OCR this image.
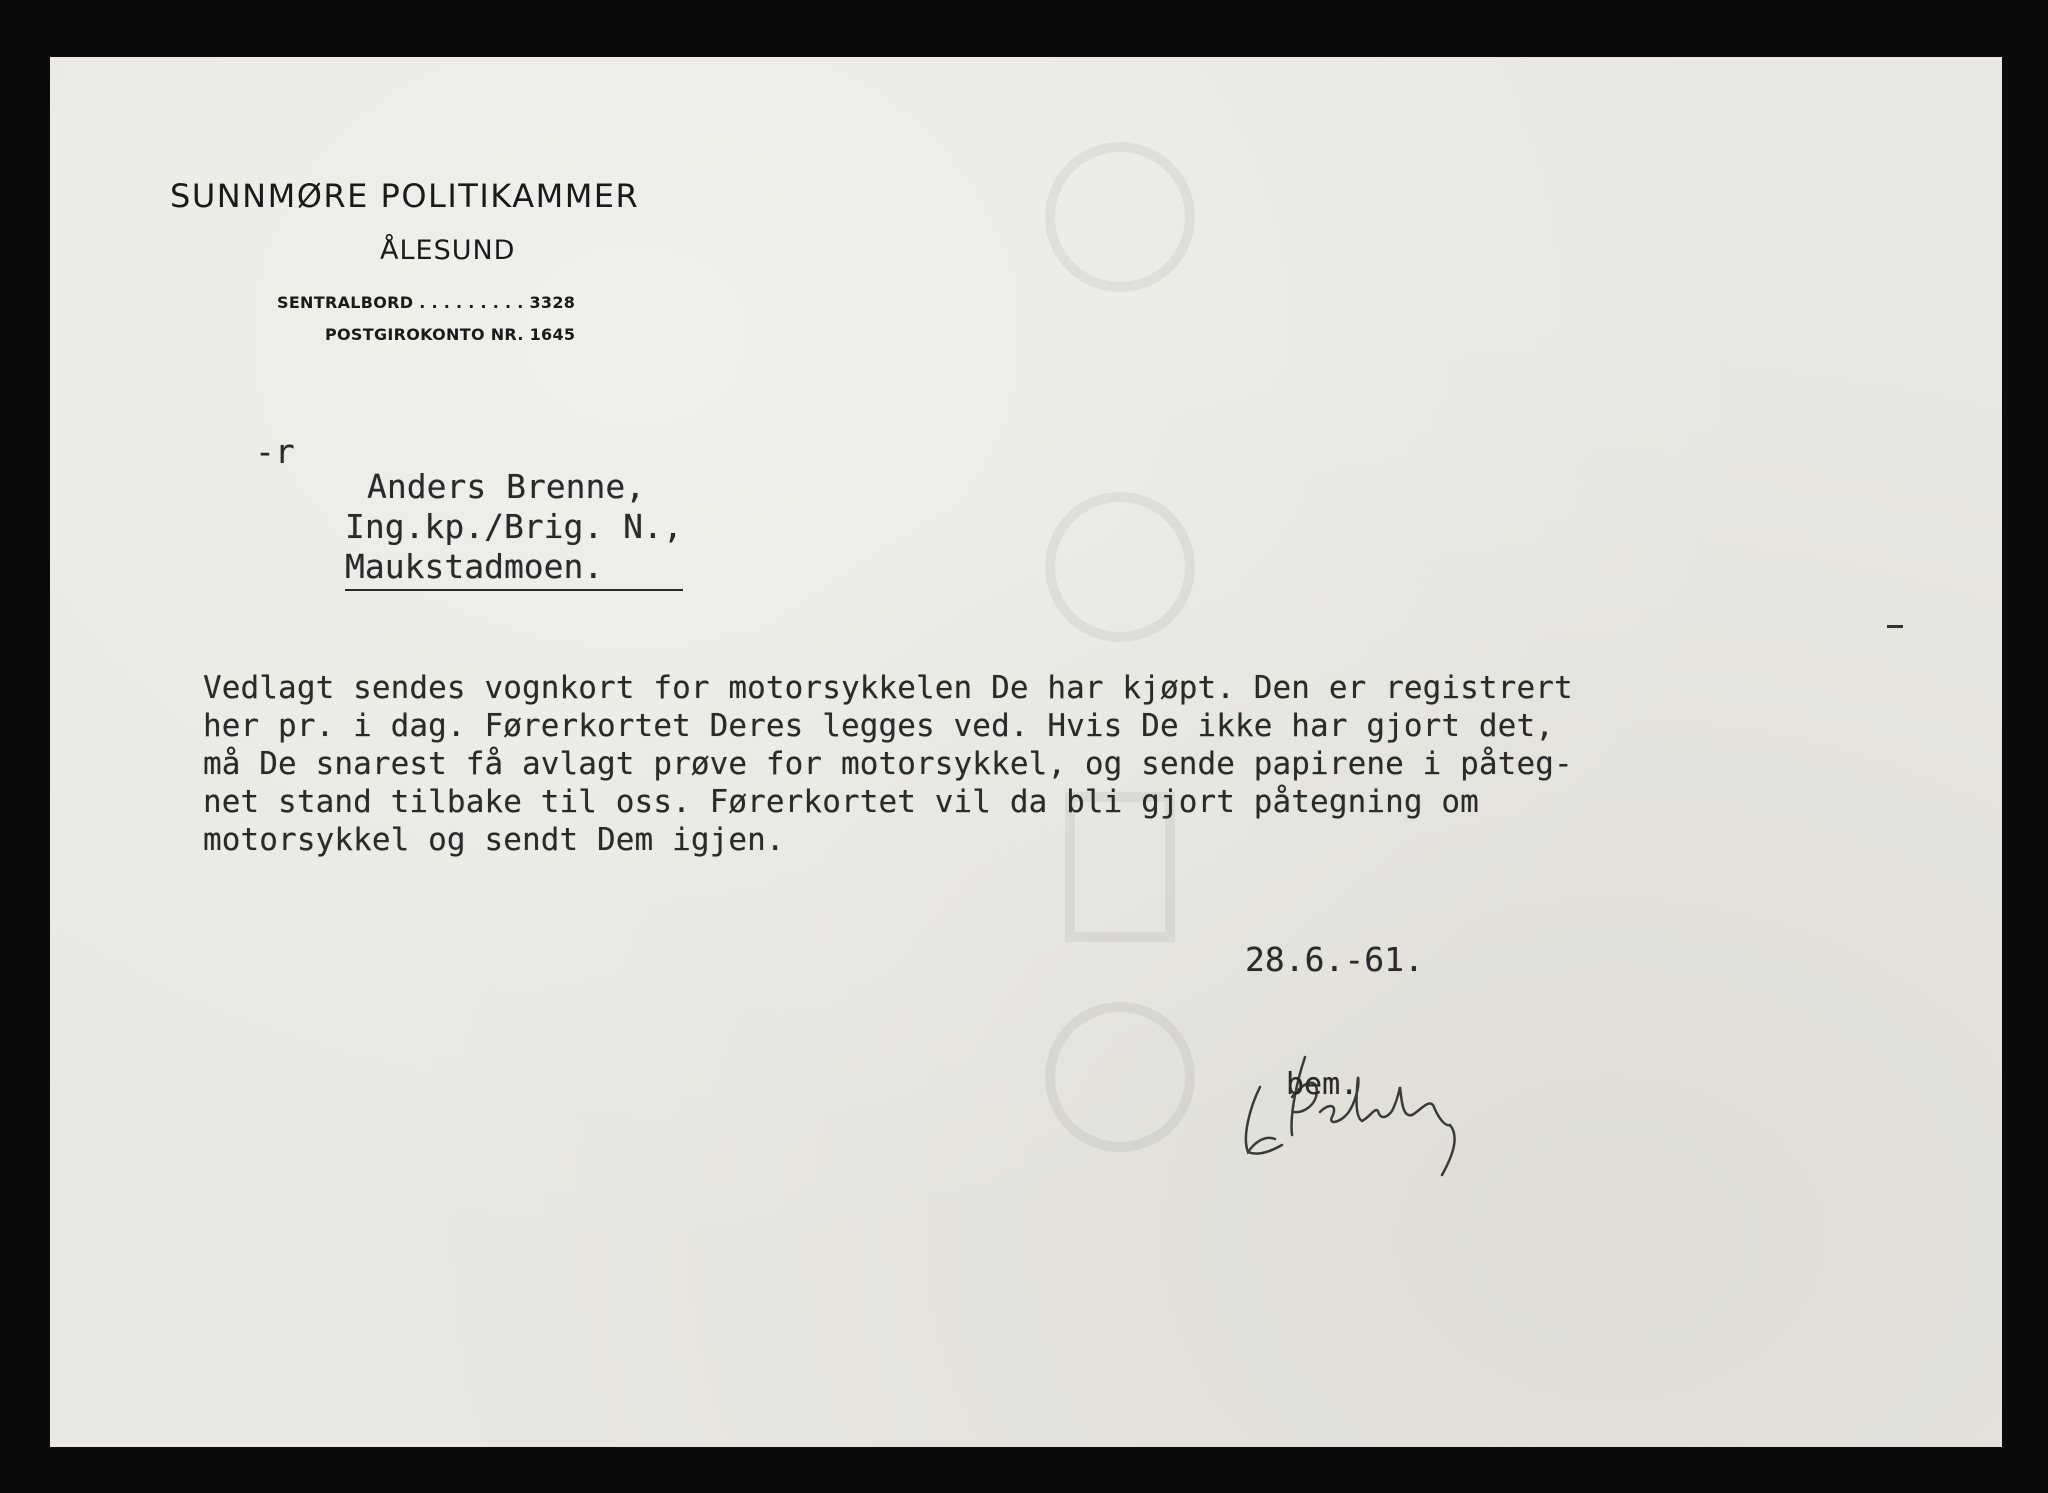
SUNNMØRE POLITIKAMMER
ÅLESUND
SENTRALBORD . . . . . . . . . 3328
POSTGIROKONTO NR. 1645
-r
Anders Brenne,
Ing.kp./Brig. N.,
Maukstadmoen.
Vedlagt sendes vognkort for motorsykkelen De har kjøpt. Den er registrert
her pr. i dag. Førerkortet Deres legges ved. Hvis De ikke har gjort det,
må De snarest få avlagt prøve for motorsykkel, og sende papirene i påteg-
net stand tilbake til oss. Førerkortet vil da bli gjort påtegning om
motorsykkel og sendt Dem igjen.
28.6.-61.
bem.
